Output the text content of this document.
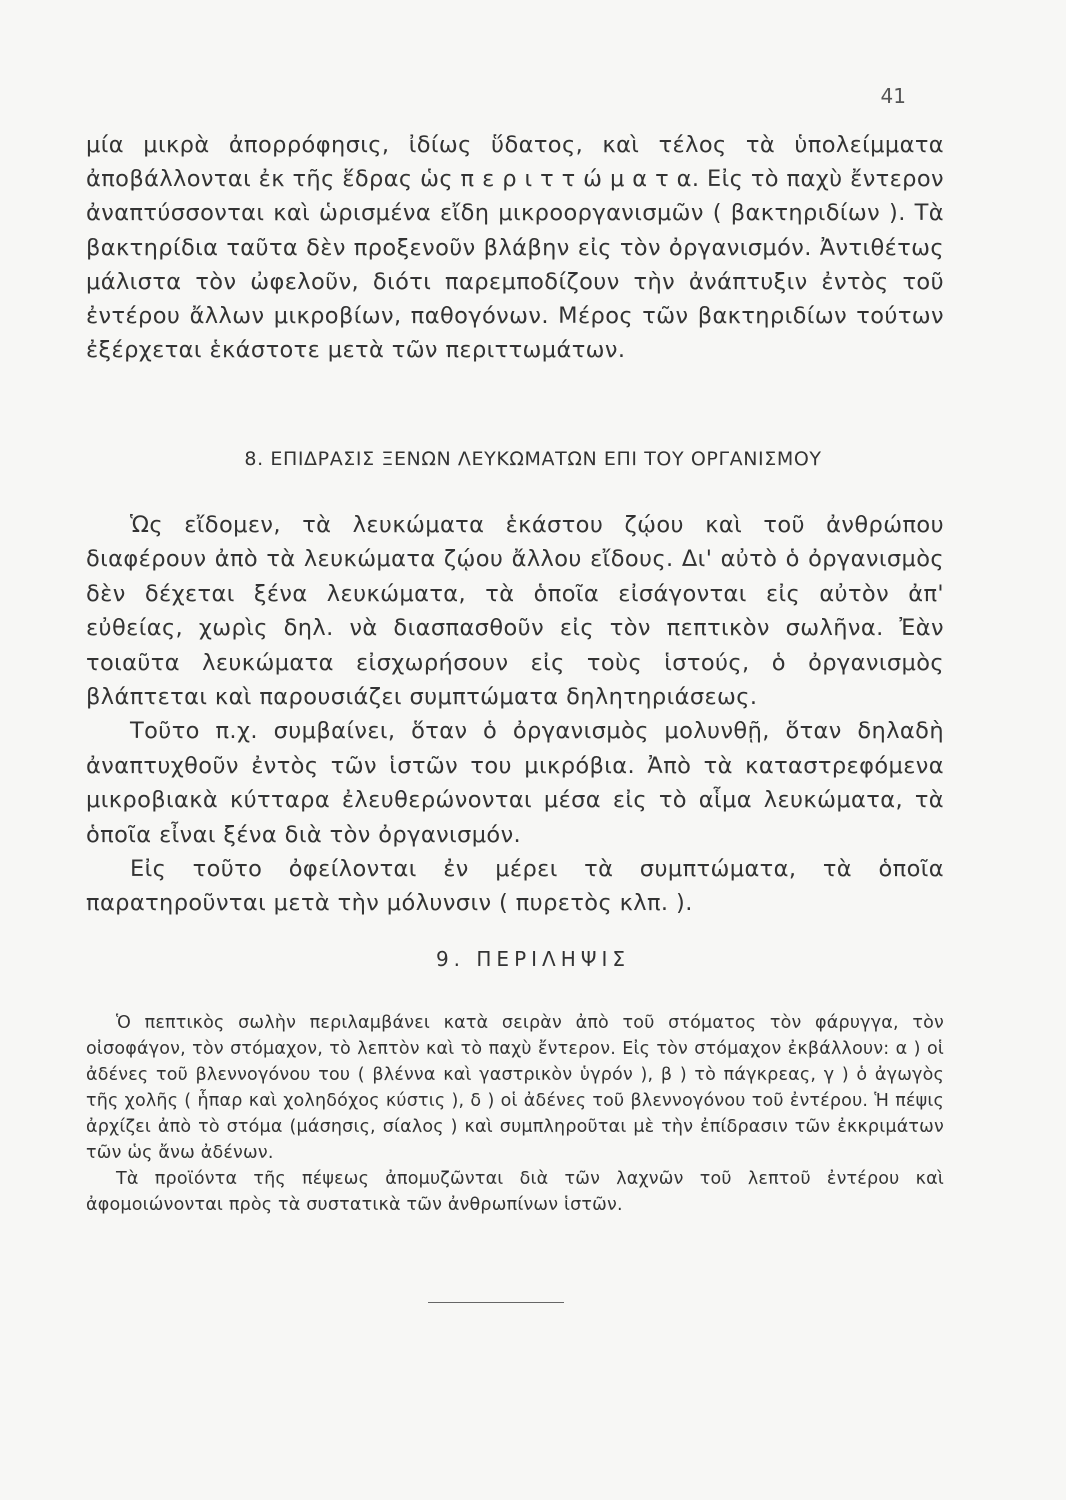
41

μία μικρὰ ἀπορρόφησις, ἰδίως ὕδατος, καὶ τέλος τὰ ὑπολείμματα ἀποβάλλονται ἐκ τῆς ἕδρας ὡς π ε ρ ι τ τ ώ μ α τ α. Εἰς τὸ παχὺ ἔντερον ἀναπτύσσονται καὶ ὡρισμένα εἴδη μικροοργανισμῶν ( βακτηριδίων ). Τὰ βακτηρίδια ταῦτα δὲν προξενοῦν βλάβην εἰς τὸν ὀργανισμόν. Ἀντιθέτως μάλιστα τὸν ὠφελοῦν, διότι παρεμποδίζουν τὴν ἀνάπτυξιν ἐντὸς τοῦ ἐντέρου ἄλλων μικροβίων, παθογόνων. Μέρος τῶν βακτηριδίων τούτων ἐξέρχεται ἑκάστοτε μετὰ τῶν περιττωμάτων.

8. ΕΠΙΔΡΑΣΙΣ ΞΕΝΩΝ ΛΕΥΚΩΜΑΤΩΝ ΕΠΙ ΤΟΥ ΟΡΓΑΝΙΣΜΟΥ

Ὡς εἴδομεν, τὰ λευκώματα ἑκάστου ζῴου καὶ τοῦ ἀνθρώπου διαφέρουν ἀπὸ τὰ λευκώματα ζῴου ἄλλου εἴδους. Δι' αὐτὸ ὁ ὀργανισμὸς δὲν δέχεται ξένα λευκώματα, τὰ ὁποῖα εἰσάγονται εἰς αὐτὸν ἀπ' εὐθείας, χωρὶς δηλ. νὰ διασπασθοῦν εἰς τὸν πεπτικὸν σωλῆνα. Ἐὰν τοιαῦτα λευκώματα εἰσχωρήσουν εἰς τοὺς ἱστούς, ὁ ὀργανισμὸς βλάπτεται καὶ παρουσιάζει συμπτώματα δηλητηριάσεως.

Τοῦτο π.χ. συμβαίνει, ὅταν ὁ ὀργανισμὸς μολυνθῇ, ὅταν δηλαδὴ ἀναπτυχθοῦν ἐντὸς τῶν ἱστῶν του μικρόβια. Ἀπὸ τὰ καταστρεφόμενα μικροβιακὰ κύτταρα ἐλευθερώνονται μέσα εἰς τὸ αἷμα λευκώματα, τὰ ὁποῖα εἶναι ξένα διὰ τὸν ὀργανισμόν.

Εἰς τοῦτο ὀφείλονται ἐν μέρει τὰ συμπτώματα, τὰ ὁποῖα παρατηροῦνται μετὰ τὴν μόλυνσιν ( πυρετὸς κλπ. ).

9. ΠΕΡΙΛΗΨΙΣ

Ὁ πεπτικὸς σωλὴν περιλαμβάνει κατὰ σειρὰν ἀπὸ τοῦ στόματος τὸν φάρυγγα, τὸν οἰσοφάγον, τὸν στόμαχον, τὸ λεπτὸν καὶ τὸ παχὺ ἔντερον. Εἰς τὸν στόμαχον ἐκβάλλουν: α ) οἱ ἀδένες τοῦ βλεννογόνου του ( βλέννα καὶ γαστρικὸν ὑγρόν ), β ) τὸ πάγκρεας, γ ) ὁ ἀγωγὸς τῆς χολῆς ( ἧπαρ καὶ χοληδόχος κύστις ), δ ) οἱ ἀδένες τοῦ βλεννογόνου τοῦ ἐντέρου. Ἡ πέψις ἀρχίζει ἀπὸ τὸ στόμα (μάσησις, σίαλος ) καὶ συμπληροῦται μὲ τὴν ἐπίδρασιν τῶν ἐκκριμάτων τῶν ὡς ἄνω ἀδένων.

Τὰ προϊόντα τῆς πέψεως ἀπομυζῶνται διὰ τῶν λαχνῶν τοῦ λεπτοῦ ἐντέρου καὶ ἀφομοιώνονται πρὸς τὰ συστατικὰ τῶν ἀνθρωπίνων ἱστῶν.
